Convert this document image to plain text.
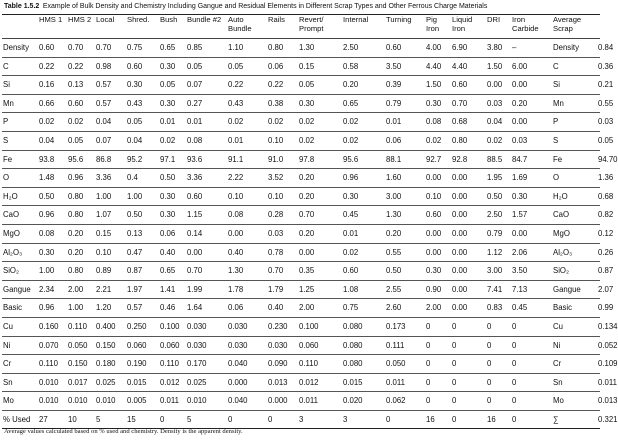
Table 1.5.2 Example of Bulk Density and Chemistry Including Gangue and Residual Elements in Different Scrap Types and Other Ferrous Charge Materials
	HMS 1	HMS 2	Local	Shred.	Bush	Bundle #2	Auto Bundle	Rails	Revert/ Prompt	Internal	Turning	Pig Iron	Liquid Iron	DRI	Iron Carbide	Average Scrap	
Density	0.60	0.70	0.70	0.75	0.65	0.85	1.10	0.80	1.30	2.50	0.60	4.00	6.90	3.80	–	Density	0.84
C	0.22	0.22	0.98	0.60	0.30	0.05	0.05	0.06	0.15	0.58	3.50	4.40	4.40	1.50	6.00	C	0.36
Si	0.16	0.13	0.57	0.30	0.05	0.07	0.22	0.22	0.05	0.20	0.39	1.50	0.60	0.00	0.00	Si	0.21
Mn	0.66	0.60	0.57	0.43	0.30	0.27	0.43	0.38	0.30	0.65	0.79	0.30	0.70	0.03	0.20	Mn	0.55
P	0.02	0.02	0.04	0.05	0.01	0.01	0.02	0.02	0.02	0.02	0.01	0.08	0.68	0.04	0.00	P	0.03
S	0.04	0.05	0.07	0.04	0.02	0.08	0.01	0.10	0.02	0.02	0.06	0.02	0.80	0.02	0.03	S	0.05
Fe	93.8	95.6	86.8	95.2	97.1	93.6	91.1	91.0	97.8	95.6	88.1	92.7	92.8	88.5	84.7	Fe	94.70
O	1.48	0.96	3.36	0.4	0.50	3.36	2.22	3.52	0.20	0.96	1.60	0.00	0.00	1.95	1.69	O	1.36
H₂O	0.50	0.80	1.00	1.00	0.30	0.60	0.10	0.10	0.20	0.30	3.00	0.10	0.00	0.50	0.30	H₂O	0.68
CaO	0.96	0.80	1.07	0.50	0.30	1.15	0.08	0.28	0.70	0.45	1.30	0.60	0.00	2.50	1.57	CaO	0.82
MgO	0.08	0.20	0.15	0.13	0.06	0.14	0.00	0.03	0.20	0.01	0.20	0.00	0.00	0.79	0.00	MgO	0.12
Al₂O₃	0.30	0.20	0.10	0.47	0.40	0.00	0.40	0.78	0.00	0.02	0.55	0.00	0.00	1.12	2.06	Al₂O₃	0.26
SiO₂	1.00	0.80	0.89	0.87	0.65	0.70	1.30	0.70	0.35	0.60	0.50	0.30	0.00	3.00	3.50	SiO₂	0.87
Gangue	2.34	2.00	2.21	1.97	1.41	1.99	1.78	1.79	1.25	1.08	2.55	0.90	0.00	7.41	7.13	Gangue	2.07
Basic	0.96	1.00	1.20	0.57	0.46	1.64	0.06	0.40	2.00	0.75	2.60	2.00	0.00	0.83	0.45	Basic	0.99
Cu	0.160	0.110	0.400	0.250	0.100	0.030	0.030	0.230	0.100	0.080	0.173	0	0	0	0	Cu	0.134
Ni	0.070	0.050	0.150	0.060	0.060	0.030	0.030	0.030	0.060	0.080	0.111	0	0	0	0	Ni	0.052
Cr	0.110	0.150	0.180	0.190	0.110	0.170	0.040	0.090	0.110	0.080	0.050	0	0	0	0	Cr	0.109
Sn	0.010	0.017	0.025	0.015	0.012	0.025	0.000	0.013	0.012	0.015	0.011	0	0	0	0	Sn	0.011
Mo	0.010	0.010	0.010	0.005	0.011	0.010	0.040	0.000	0.011	0.020	0.062	0	0	0	0	Mo	0.013
% Used	27	10	5	15	0	5	0	0	3	3	0	16	0	16	0	∑	0.321
Average values calculated based on % used and chemistry. Density is the apparent density.
